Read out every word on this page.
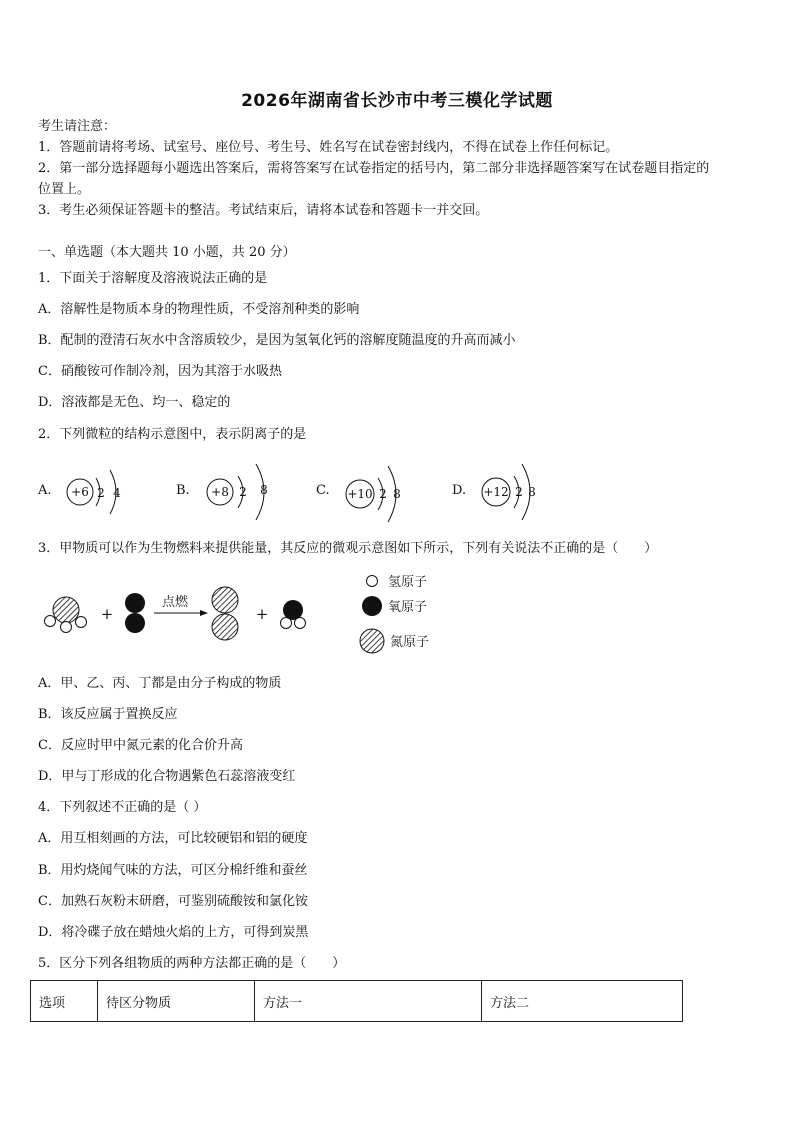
2026年湖南省长沙市中考三模化学试题
考生请注意：
1．答题前请将考场、试室号、座位号、考生号、姓名写在试卷密封线内，不得在试卷上作任何标记。
2．第一部分选择题每小题选出答案后，需将答案写在试卷指定的括号内，第二部分非选择题答案写在试卷题目指定的
位置上。
3．考生必须保证答题卡的整洁。考试结束后，请将本试卷和答题卡一并交回。
一、单选题（本大题共 10 小题，共 20 分）
1．下面关于溶解度及溶液说法正确的是
A．溶解性是物质本身的物理性质，不受溶剂种类的影响
B．配制的澄清石灰水中含溶质较少，是因为氢氧化钙的溶解度随温度的升高而减小
C．硝酸铵可作制冷剂，因为其溶于水吸热
D．溶液都是无色、均一、稳定的
2．下列微粒的结构示意图中，表示阴离子的是
A. +6 2 4	B. +8 2 8	C. +10 2 8	D. +12 2 8
3．甲物质可以作为生物燃料来提供能量，其反应的微观示意图如下所示，下列有关说法不正确的是（　　）
+
点燃
+
氢原子
氧原子
氮原子
A．甲、乙、丙、丁都是由分子构成的物质
B．该反应属于置换反应
C．反应时甲中氮元素的化合价升高
D．甲与丁形成的化合物遇紫色石蕊溶液变红
4．下列叙述不正确的是（ ）
A．用互相刻画的方法，可比较硬铝和铝的硬度
B．用灼烧闻气味的方法，可区分棉纤维和蚕丝
C．加熟石灰粉末研磨，可鉴别硫酸铵和氯化铵
D．将冷碟子放在蜡烛火焰的上方，可得到炭黑
5．区分下列各组物质的两种方法都正确的是（　　）
选项	待区分物质	方法一	方法二
